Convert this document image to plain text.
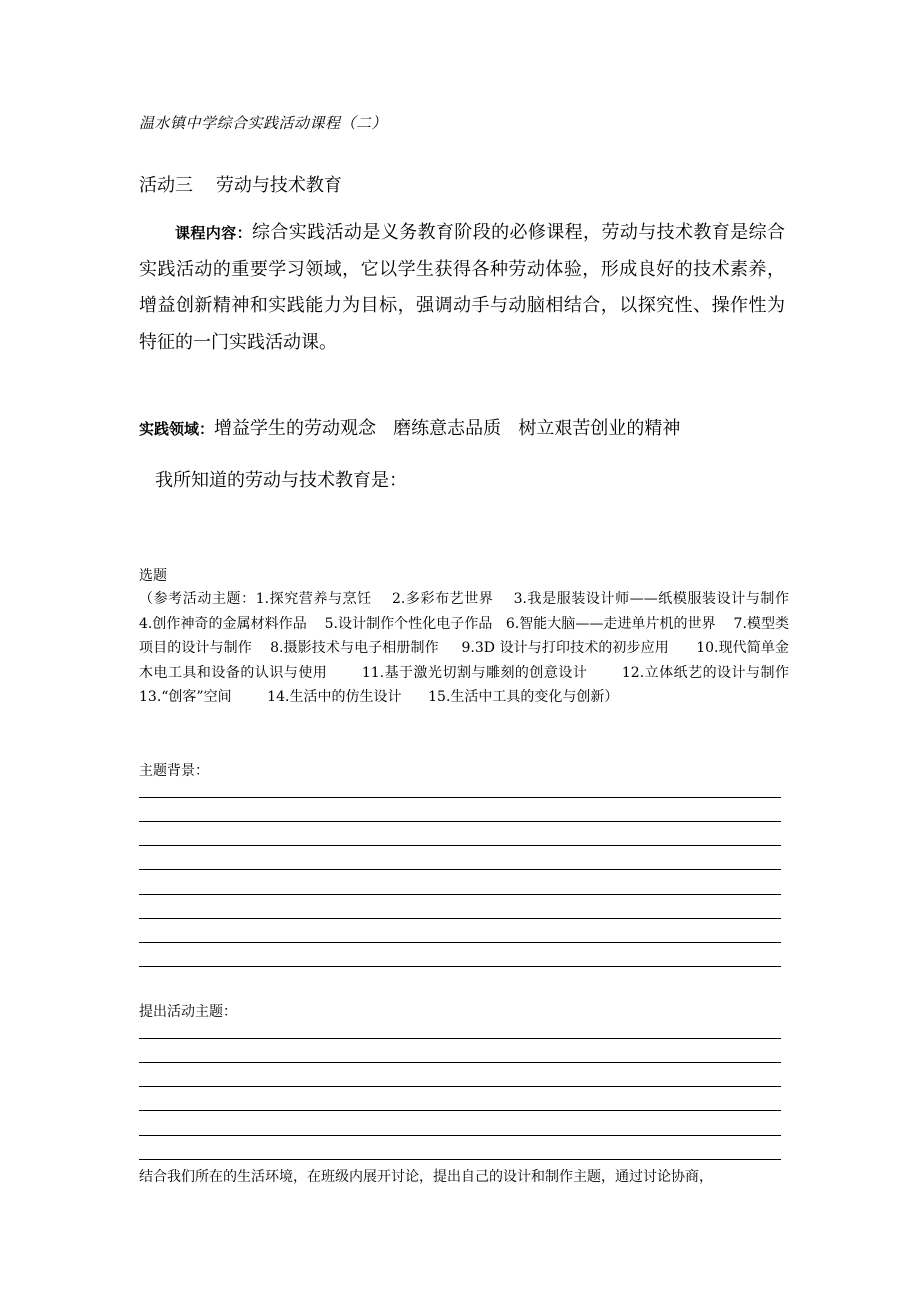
温水镇中学综合实践活动课程（二）
活动三    劳动与技术教育
课程内容：综合实践活动是义务教育阶段的必修课程，劳动与技术教育是综合实践活动的重要学习领域，它以学生获得各种劳动体验，形成良好的技术素养，增益创新精神和实践能力为目标，强调动手与动脑相结合，以探究性、操作性为特征的一门实践活动课。
实践领域：增益学生的劳动观念   磨练意志品质   树立艰苦创业的精神
我所知道的劳动与技术教育是：
选题
（参考活动主题：1.探究营养与烹饪    2.多彩布艺世界    3.我是服装设计师——纸模服装设计与制作    4.创作神奇的金属材料作品    5.设计制作个性化电子作品   6.智能大脑——走进单片机的世界    7.模型类项目的设计与制作    8.摄影技术与电子相册制作     9.3D 设计与打印技术的初步应用      10.现代简单金木电工具和设备的认识与使用       11.基于激光切割与雕刻的创意设计       12.立体纸艺的设计与制作       13.“创客”空间        14.生活中的仿生设计      15.生活中工具的变化与创新）
主题背景：
提出活动主题：
结合我们所在的生活环境，在班级内展开讨论，提出自己的设计和制作主题，通过讨论协商，
